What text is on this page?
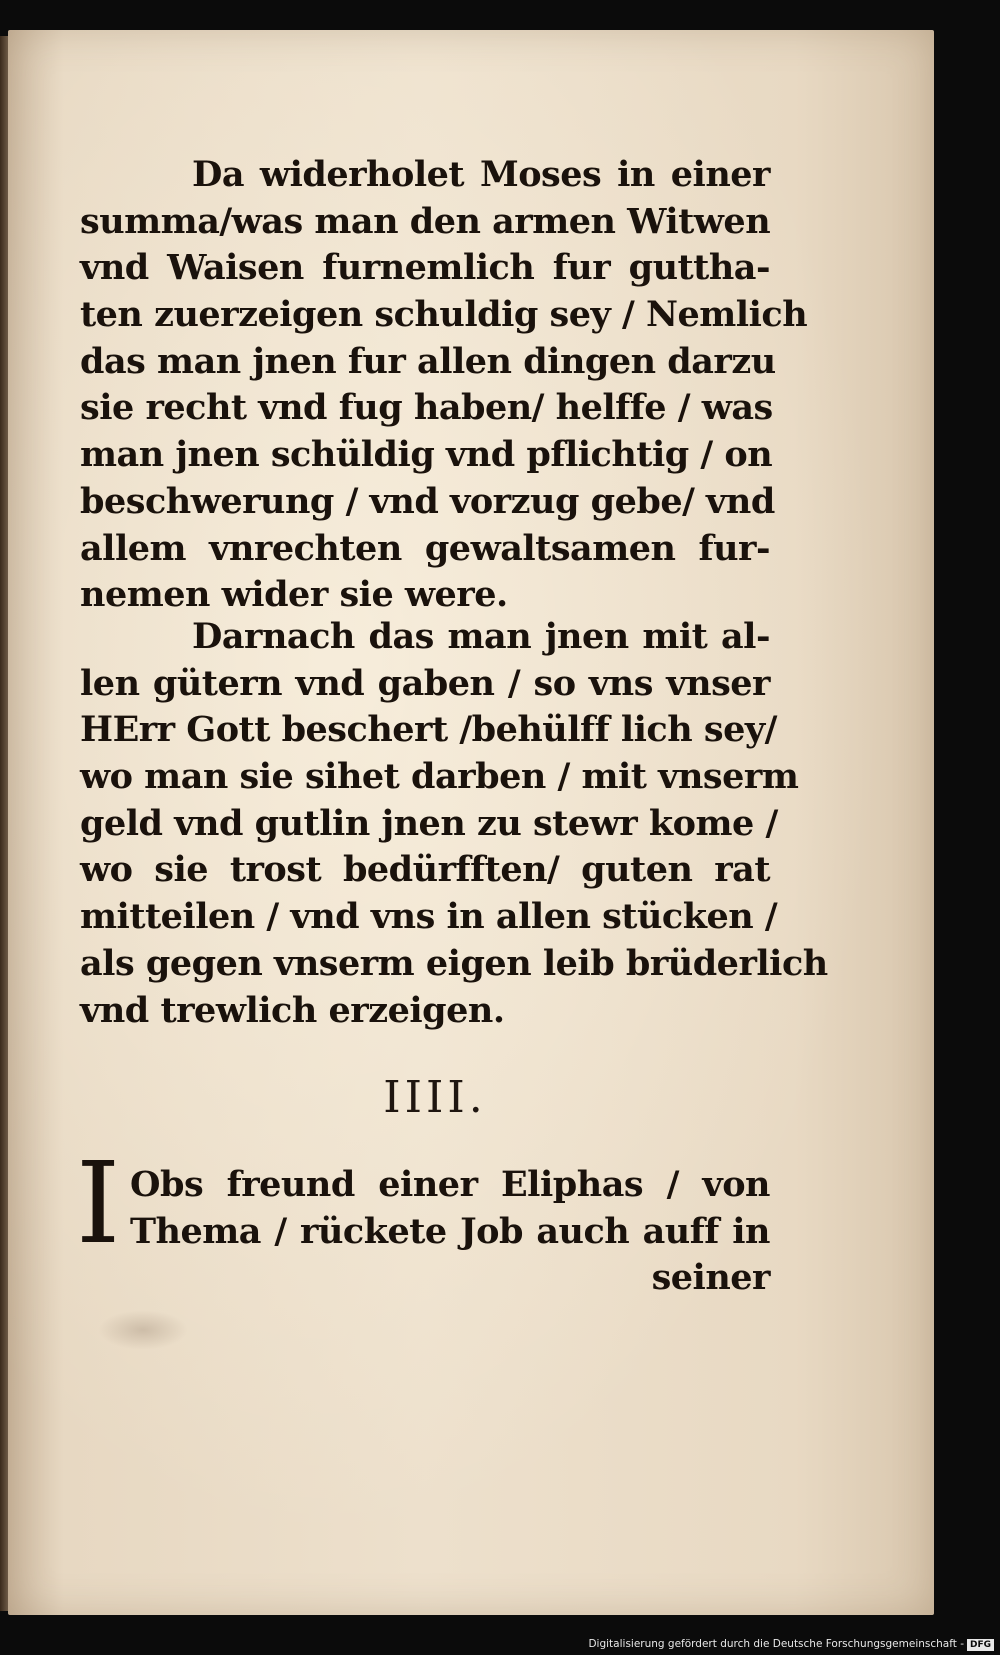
Da widerholet Moses in einer
summa/was man den armen Witwen
vnd Waisen furnemlich fur guttha-
ten zuerzeigen schuldig sey / Nemlich
das man jnen fur allen dingen darzu
sie recht vnd fug haben/ helffe / was
man jnen schüldig vnd pflichtig / on
beschwerung / vnd vorzug gebe/ vnd
allem vnrechten gewaltsamen fur-
nemen wider sie were.
Darnach das man jnen mit al-
len gütern vnd gaben / so vns vnser
HErr Gott beschert /behülff lich sey/
wo man sie sihet darben / mit vnserm
geld vnd gutlin jnen zu stewr kome /
wo sie trost bedürfften/ guten rat
mitteilen / vnd vns in allen stücken /
als gegen vnserm eigen leib brüderlich
vnd trewlich erzeigen.
IIII.
I Obs freund einer Eliphas / von
Thema / rückete Job auch auff in
seiner
Digitalisierung gefördert durch die Deutsche Forschungsgemeinschaft - DFG
